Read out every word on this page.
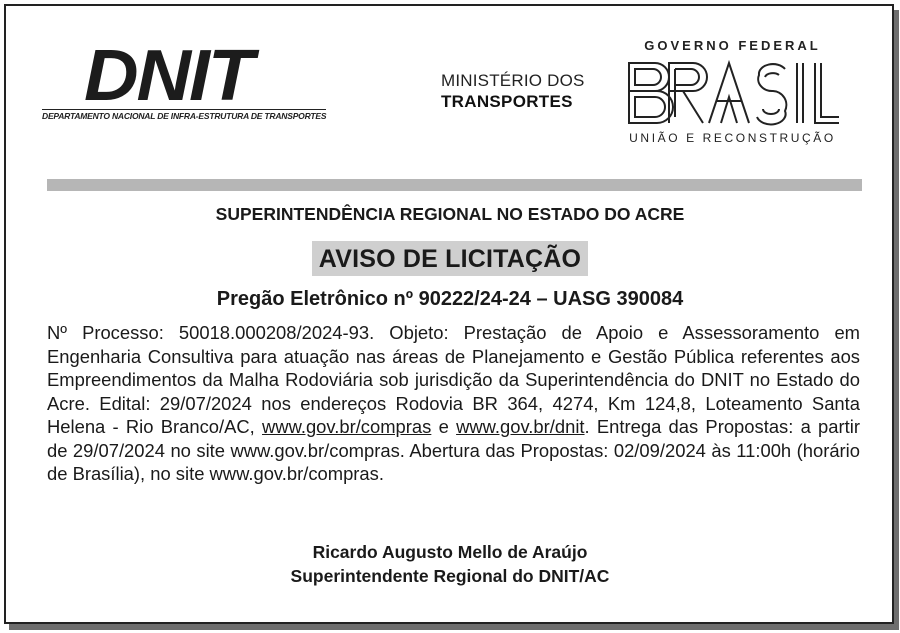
DNIT
DEPARTAMENTO NACIONAL DE INFRA-ESTRUTURA DE TRANSPORTES
MINISTÉRIO DOS
TRANSPORTES
GOVERNO FEDERAL
UNIÃO E RECONSTRUÇÃO
SUPERINTENDÊNCIA REGIONAL NO ESTADO DO ACRE
AVISO DE LICITAÇÃO
Pregão Eletrônico nº 90222/24-24 – UASG 390084
Nº Processo: 50018.000208/2024-93. Objeto: Prestação de Apoio e Assessoramento em Engenharia Consultiva para atuação nas áreas de Planejamento e Gestão Pública referentes aos Empreendimentos da Malha Rodoviária sob jurisdição da Superintendência do DNIT no Estado do Acre. Edital: 29/07/2024 nos endereços Rodovia BR 364, 4274, Km 124,8, Loteamento Santa Helena - Rio Branco/AC, www.gov.br/compras e www.gov.br/dnit. Entrega das Propostas: a partir de 29/07/2024 no site www.gov.br/compras. Abertura das Propostas: 02/09/2024 às 11:00h (horário de Brasília), no site www.gov.br/compras.
Ricardo Augusto Mello de Araújo
Superintendente Regional do DNIT/AC
